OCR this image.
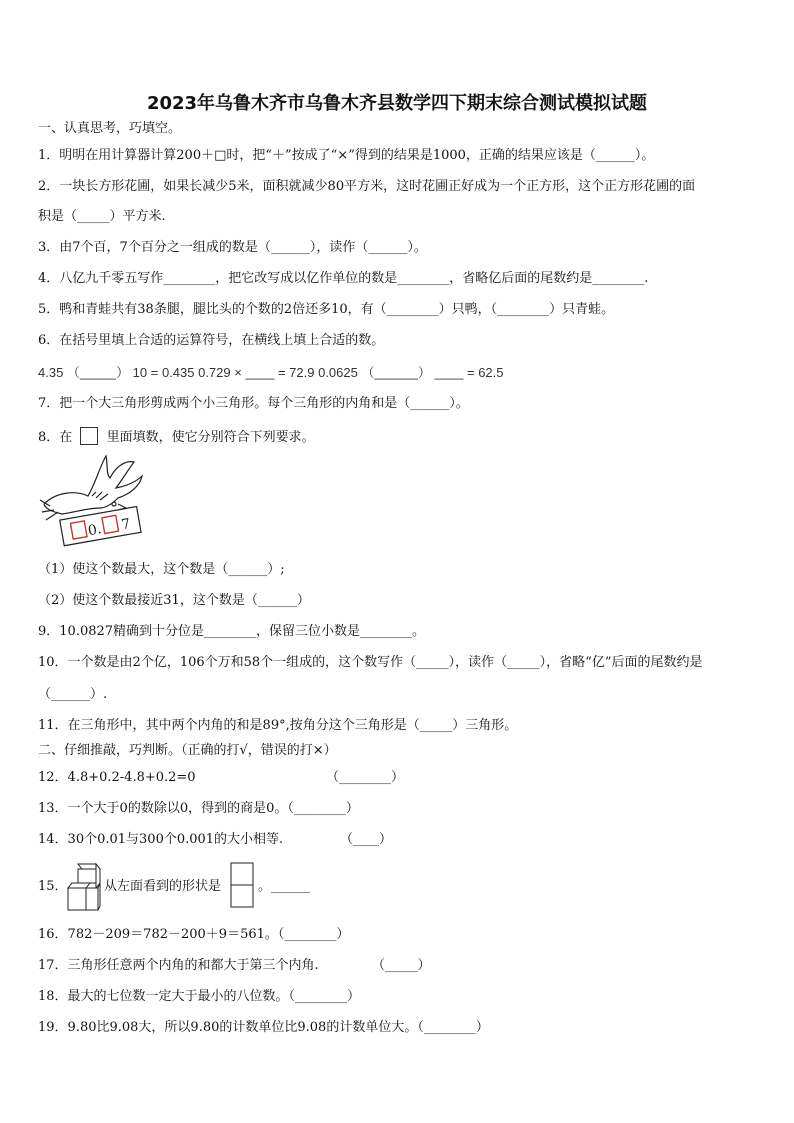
2023年乌鲁木齐市乌鲁木齐县数学四下期末综合测试模拟试题
一、认真思考，巧填空。
1．明明在用计算器计算200＋□时，把“＋”按成了“×”得到的结果是1000，正确的结果应该是（______）。
2．一块长方形花圃，如果长减少5米，面积就减少80平方米，这时花圃正好成为一个正方形，这个正方形花圃的面
积是（_____）平方米.
3．由7个百，7个百分之一组成的数是（______），读作（______）。
4．八亿九千零五写作________，把它改写成以亿作单位的数是________，省略亿后面的尾数约是________.
5．鸭和青蛙共有38条腿，腿比头的个数的2倍还多10，有（________）只鸭，（________）只青蛙。
6．在括号里填上合适的运算符号，在横线上填上合适的数。
4.35 （_____） 10 = 0.435 0.729 × ____ = 72.9 0.0625 （______） ____ = 62.5
7．把一个大三角形剪成两个小三角形。每个三角形的内角和是（______）。
8．在	里面填数，使它分别符合下列要求。
0. 7
（1）使这个数最大，这个数是（______）;
（2）使这个数最接近31，这个数是（______）
9．10.0827精确到十分位是________，保留三位小数是________。
10．一个数是由2个亿，106个万和58个一组成的，这个数写作（_____），读作（_____），省略“亿”后面的尾数约是
（______）.
11．在三角形中，其中两个内角的和是89°,按角分这个三角形是（_____）三角形。
二、仔细推敲，巧判断。（正确的打√，错误的打×）
12．4.8+0.2-4.8+0.2=0	（________）
13．一个大于0的数除以0，得到的商是0。（________）
14．30个0.01与300个0.001的大小相等.	（____）
15．	从左面看到的形状是	。______
16．782－209＝782－200＋9＝561。（________）
17．三角形任意两个内角的和都大于第三个内角.	（_____）
18．最大的七位数一定大于最小的八位数。（________）
19．9.80比9.08大，所以9.80的计数单位比9.08的计数单位大。（________）
